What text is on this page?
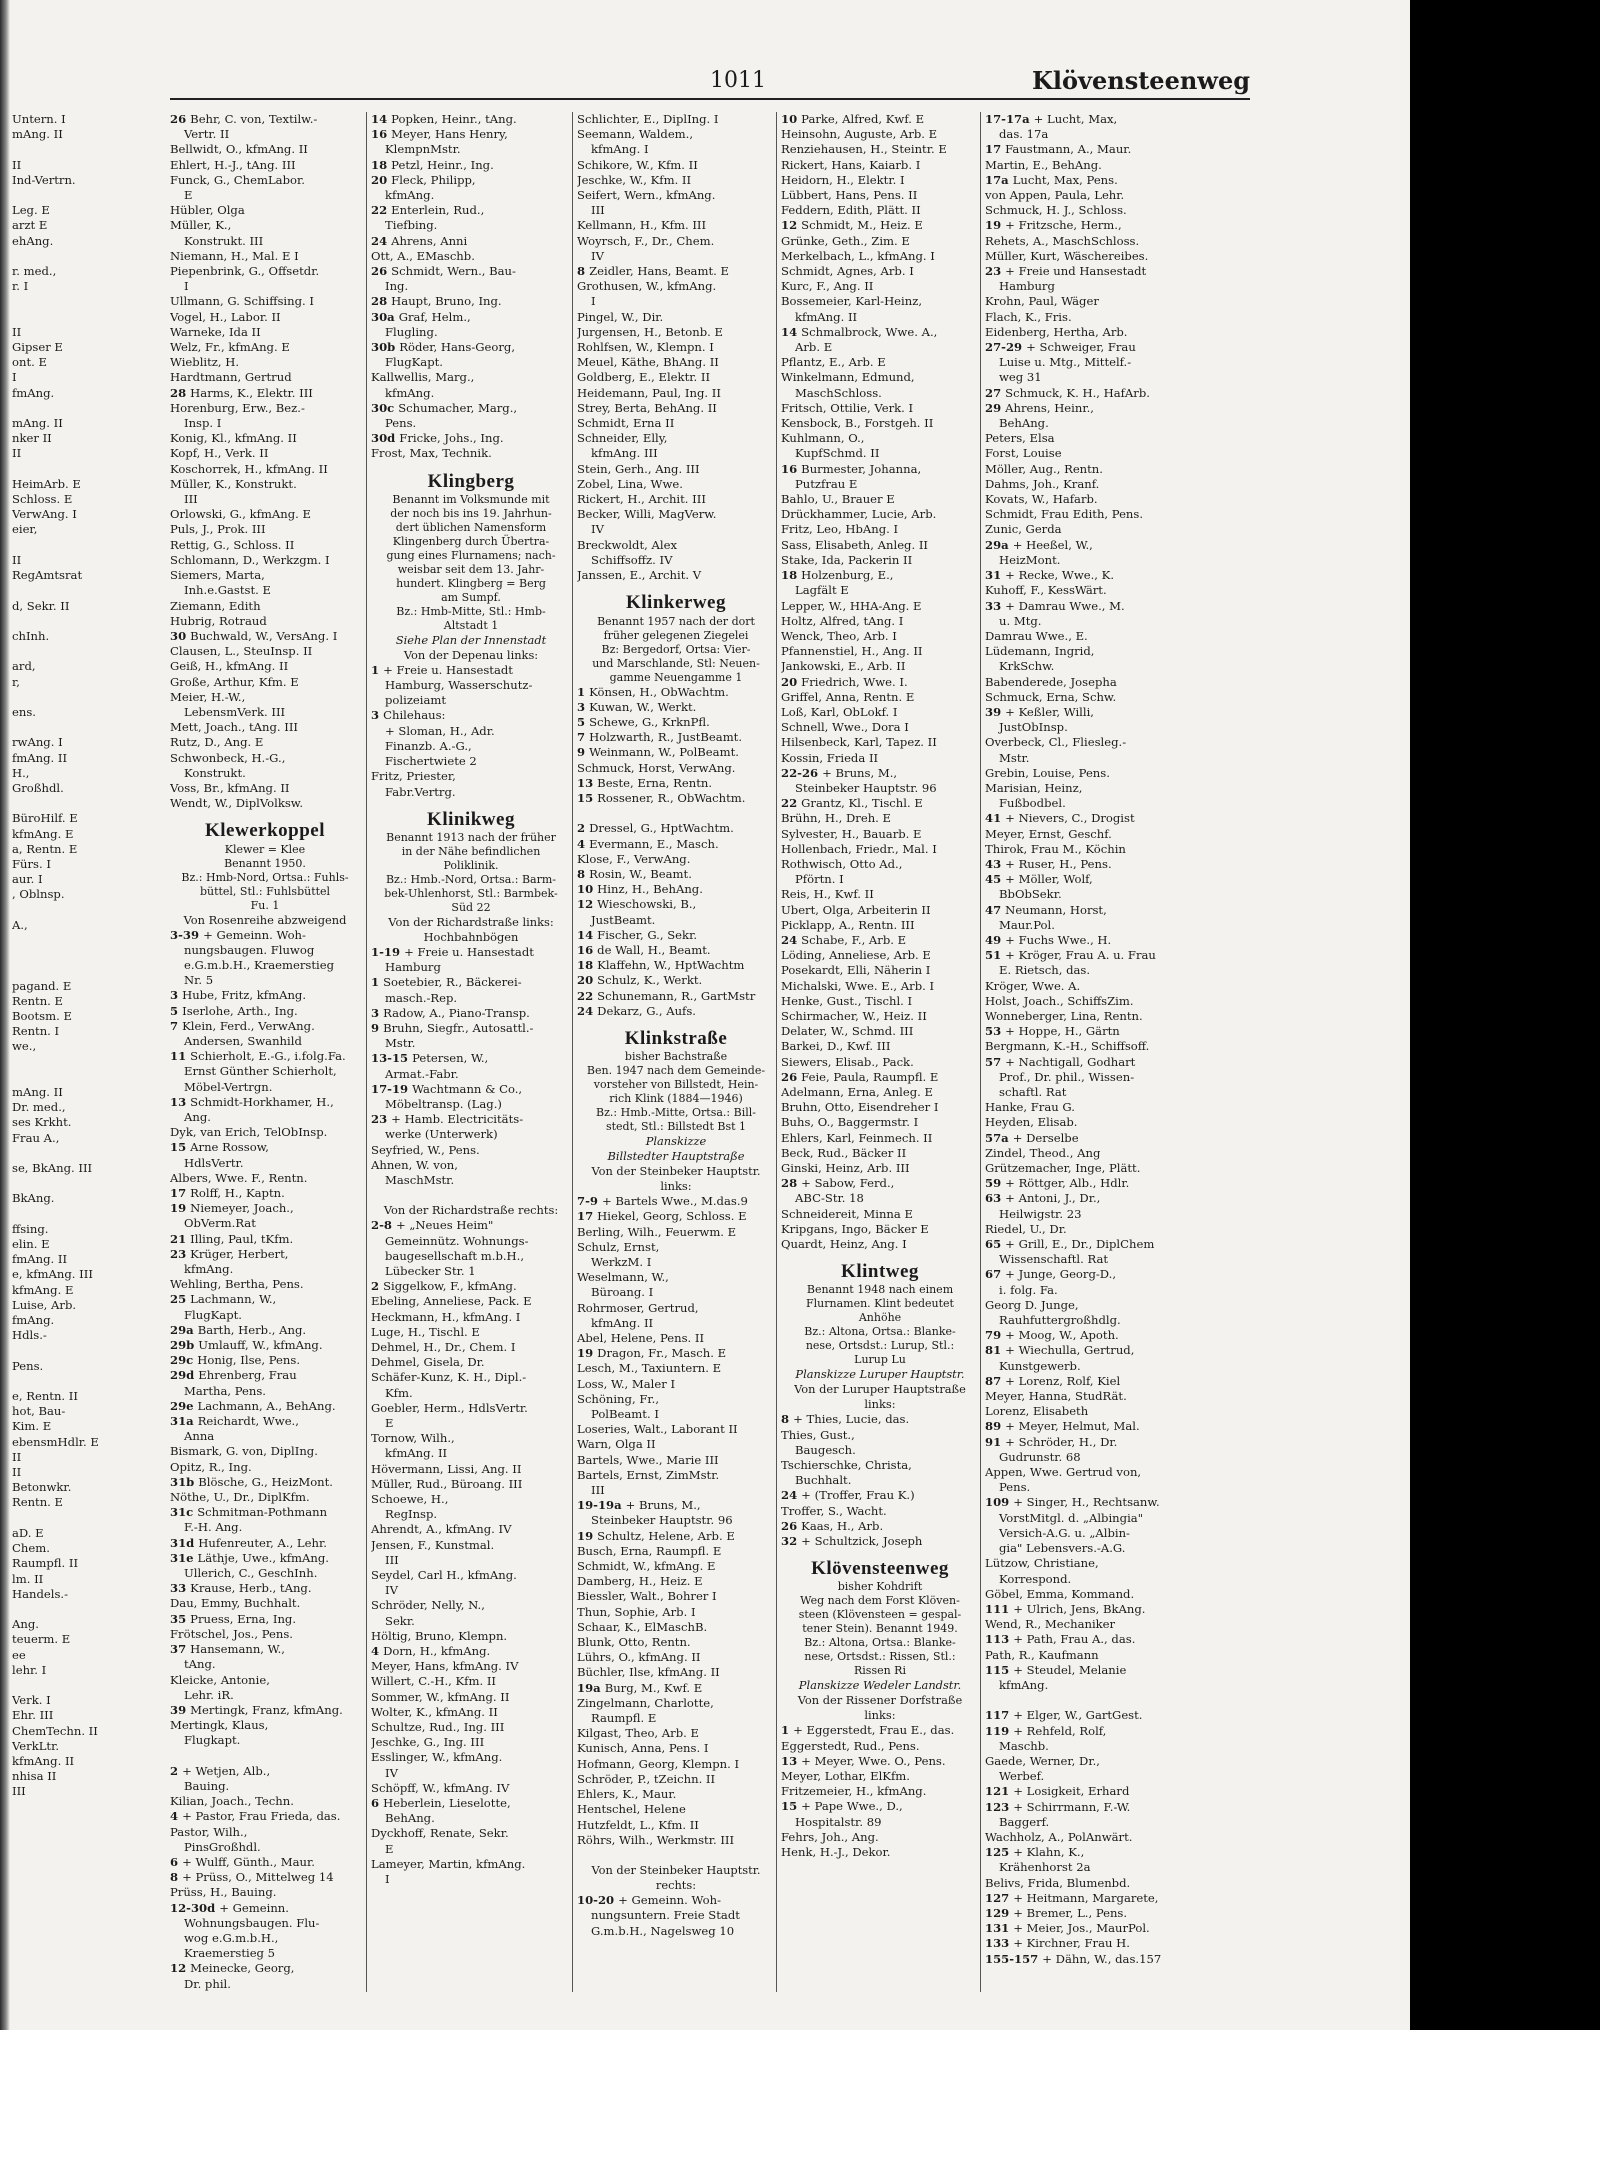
1011	Klövensteenweg
Untern. I
mAng. II

II
Ind-Vertrn.

Leg. E
arzt E
ehAng.

r. med.,
r. I

II
Gipser E
ont. E
I
fmAng.

mAng. II
nker II
II

HeimArb. E
Schloss. E
VerwAng. I
eier,

II
RegAmtsrat

d, Sekr. II

chInh.

ard,
r,

ens.

rwAng. I
fmAng. II
H.,
Großhdl.

BüroHilf. E
kfmAng. E
a, Rentn. E
Fürs. I
aur. I
, Oblnsp.

A.,

pagand. E
Rentn. E
Bootsm. E
Rentn. I
we.,

mAng. II
Dr. med.,
ses Krkht.
Frau A.,

se, BkAng. III

BkAng.

ffsing.
elin. E
fmAng. II
e, kfmAng. III
kfmAng. E
Luise, Arb.
fmAng.
Hdls.-

Pens.

e, Rentn. II
hot, Bau-
Kim. E
ebensmHdlr. E
II
II
Betonwkr.
Rentn. E

aD. E
Chem.
Raumpfl. II
lm. II
Handels.-

Ang.
teuerm. E
ee
lehr. I

Verk. I
Ehr. III
ChemTechn. II
VerkLtr.
kfmAng. II
nhisa II
III
26 Behr, C. von, Textilw.-
Vertr. II
Bellwidt, O., kfmAng. II
Ehlert, H.-J., tAng. III
Funck, G., ChemLabor.
E
Hübler, Olga
Müller, K.,
Konstrukt. III
Niemann, H., Mal. E I
Piepenbrink, G., Offsetdr.
I
Ullmann, G. Schiffsing. I
Vogel, H., Labor. II
Warneke, Ida II
Welz, Fr., kfmAng. E
Wieblitz, H.
Hardtmann, Gertrud
28 Harms, K., Elektr. III
Horenburg, Erw., Bez.-
Insp. I
Konig, Kl., kfmAng. II
Kopf, H., Verk. II
Koschorrek, H., kfmAng. II
Müller, K., Konstrukt.
III
Orlowski, G., kfmAng. E
Puls, J., Prok. III
Rettig, G., Schloss. II
Schlomann, D., Werkzgm. I
Siemers, Marta,
Inh.e.Gastst. E
Ziemann, Edith
Hubrig, Rotraud
30 Buchwald, W., VersAng. I
Clausen, L., SteuInsp. II
Geiß, H., kfmAng. II
Große, Arthur, Kfm. E
Meier, H.-W.,
LebensmVerk. III
Mett, Joach., tAng. III
Rutz, D., Ang. E
Schwonbeck, H.-G.,
Konstrukt.
Voss, Br., kfmAng. II
Wendt, W., DiplVolksw.
Klewerkoppel
Klewer = Klee
Benannt 1950.
Bz.: Hmb-Nord, Ortsa.: Fuhls-
büttel, Stl.: Fuhlsbüttel
Fu. 1
Von Rosenreihe abzweigend
3-39 + Gemeinn. Woh-
nungsbaugen. Fluwog
e.G.m.b.H., Kraemerstieg
Nr. 5
3 Hube, Fritz, kfmAng.
5 Iserlohe, Arth., Ing.
7 Klein, Ferd., VerwAng.
Andersen, Swanhild
11 Schierholt, E.-G., i.folg.Fa.
Ernst Günther Schierholt,
Möbel-Vertrgn.
13 Schmidt-Horkhamer, H.,
Ang.
Dyk, van Erich, TelObInsp.
15 Arne Rossow,
HdlsVertr.
Albers, Wwe. F., Rentn.
17 Rolff, H., Kaptn.
19 Niemeyer, Joach.,
ObVerm.Rat
21 Illing, Paul, tKfm.
23 Krüger, Herbert,
kfmAng.
Wehling, Bertha, Pens.
25 Lachmann, W.,
FlugKapt.
29a Barth, Herb., Ang.
29b Umlauff, W., kfmAng.
29c Honig, Ilse, Pens.
29d Ehrenberg, Frau
Martha, Pens.
29e Lachmann, A., BehAng.
31a Reichardt, Wwe.,
Anna
Bismark, G. von, DiplIng.
Opitz, R., Ing.
31b Blösche, G., HeizMont.
Nöthe, U., Dr., DiplKfm.
31c Schmitman-Pothmann
F.-H. Ang.
31d Hufenreuter, A., Lehr.
31e Läthje, Uwe., kfmAng.
Ullerich, C., GeschInh.
33 Krause, Herb., tAng.
Dau, Emmy, Buchhalt.
35 Pruess, Erna, Ing.
Frötschel, Jos., Pens.
37 Hansemann, W.,
tAng.
Kleicke, Antonie,
Lehr. iR.
39 Mertingk, Franz, kfmAng.
Mertingk, Klaus,
Flugkapt.

2 + Wetjen, Alb.,
Bauing.
Kilian, Joach., Techn.
4 + Pastor, Frau Frieda, das.
Pastor, Wilh.,
PinsGroßhdl.
6 + Wulff, Günth., Maur.
8 + Prüss, O., Mittelweg 14
Prüss, H., Bauing.
12-30d + Gemeinn.
Wohnungsbaugen. Flu-
wog e.G.m.b.H.,
Kraemerstieg 5
12 Meinecke, Georg,
Dr. phil.
14 Popken, Heinr., tAng.
16 Meyer, Hans Henry,
KlempnMstr.
18 Petzl, Heinr., Ing.
20 Fleck, Philipp,
kfmAng.
22 Enterlein, Rud.,
Tiefbing.
24 Ahrens, Anni
Ott, A., EMaschb.
26 Schmidt, Wern., Bau-
Ing.
28 Haupt, Bruno, Ing.
30a Graf, Helm.,
Flugling.
30b Röder, Hans-Georg,
FlugKapt.
Kallwellis, Marg.,
kfmAng.
30c Schumacher, Marg.,
Pens.
30d Fricke, Johs., Ing.
Frost, Max, Technik.
Klingberg
Benannt im Volksmunde mit
der noch bis ins 19. Jahrhun-
dert üblichen Namensform
Klingenberg durch Übertra-
gung eines Flurnamens; nach-
weisbar seit dem 13. Jahr-
hundert. Klingberg = Berg
am Sumpf.
Bz.: Hmb-Mitte, Stl.: Hmb-
Altstadt 1
Siehe Plan der Innenstadt
Von der Depenau links:
1 + Freie u. Hansestadt
Hamburg, Wasserschutz-
polizeiamt
3 Chilehaus:
+ Sloman, H., Adr.
Finanzb. A.-G.,
Fischertwiete 2
Fritz, Priester,
Fabr.Vertrg.
Klinikweg
Benannt 1913 nach der früher
in der Nähe befindlichen
Poliklinik.
Bz.: Hmb.-Nord, Ortsa.: Barm-
bek-Uhlenhorst, Stl.: Barmbek-
Süd 22
Von der Richardstraße links:
Hochbahnbögen
1-19 + Freie u. Hansestadt
Hamburg
1 Soetebier, R., Bäckerei-
masch.-Rep.
3 Radow, A., Piano-Transp.
9 Bruhn, Siegfr., Autosattl.-
Mstr.
13-15 Petersen, W.,
Armat.-Fabr.
17-19 Wachtmann & Co.,
Möbeltransp. (Lag.)
23 + Hamb. Electricitäts-
werke (Unterwerk)
Seyfried, W., Pens.
Ahnen, W. von,
MaschMstr.

Von der Richardstraße rechts:
2-8 + „Neues Heim"
Gemeinnütz. Wohnungs-
baugesellschaft m.b.H.,
Lübecker Str. 1
2 Siggelkow, F., kfmAng.
Ebeling, Anneliese, Pack. E
Heckmann, H., kfmAng. I
Luge, H., Tischl. E
Dehmel, H., Dr., Chem. I
Dehmel, Gisela, Dr.
Schäfer-Kunz, K. H., Dipl.-
Kfm.
Goebler, Herm., HdlsVertr.
E
Tornow, Wilh.,
kfmAng. II
Hövermann, Lissi, Ang. II
Müller, Rud., Büroang. III
Schoewe, H.,
RegInsp.
Ahrendt, A., kfmAng. IV
Jensen, F., Kunstmal.
III
Seydel, Carl H., kfmAng.
IV
Schröder, Nelly, N.,
Sekr.
Höltig, Bruno, Klempn.
4 Dorn, H., kfmAng.
Meyer, Hans, kfmAng. IV
Willert, C.-H., Kfm. II
Sommer, W., kfmAng. II
Wolter, K., kfmAng. II
Schultze, Rud., Ing. III
Jeschke, G., Ing. III
Esslinger, W., kfmAng.
IV
Schöpff, W., kfmAng. IV
6 Heberlein, Lieselotte,
BehAng.
Dyckhoff, Renate, Sekr.
E
Lameyer, Martin, kfmAng.
I
Schlichter, E., DiplIng. I
Seemann, Waldem.,
kfmAng. I
Schikore, W., Kfm. II
Jeschke, W., Kfm. II
Seifert, Wern., kfmAng.
III
Kellmann, H., Kfm. III
Woyrsch, F., Dr., Chem.
IV
8 Zeidler, Hans, Beamt. E
Grothusen, W., kfmAng.
I
Pingel, W., Dir.
Jurgensen, H., Betonb. E
Rohlfsen, W., Klempn. I
Meuel, Käthe, BhAng. II
Goldberg, E., Elektr. II
Heidemann, Paul, Ing. II
Strey, Berta, BehAng. II
Schmidt, Erna II
Schneider, Elly,
kfmAng. III
Stein, Gerh., Ang. III
Zobel, Lina, Wwe.
Rickert, H., Archit. III
Becker, Willi, MagVerw.
IV
Breckwoldt, Alex
Schiffsoffz. IV
Janssen, E., Archit. V
Klinkerweg
Benannt 1957 nach der dort
früher gelegenen Ziegelei
Bz: Bergedorf, Ortsa: Vier-
und Marschlande, Stl: Neuen-
gamme Neuengamme 1
1 Könsen, H., ObWachtm.
3 Kuwan, W., Werkt.
5 Schewe, G., KrknPfl.
7 Holzwarth, R., JustBeamt.
9 Weinmann, W., PolBeamt.
Schmuck, Horst, VerwAng.
13 Beste, Erna, Rentn.
15 Rossener, R., ObWachtm.

2 Dressel, G., HptWachtm.
4 Evermann, E., Masch.
Klose, F., VerwAng.
8 Rosin, W., Beamt.
10 Hinz, H., BehAng.
12 Wieschowski, B.,
JustBeamt.
14 Fischer, G., Sekr.
16 de Wall, H., Beamt.
18 Klaffehn, W., HptWachtm
20 Schulz, K., Werkt.
22 Schunemann, R., GartMstr
24 Dekarz, G., Aufs.
Klinkstraße
bisher Bachstraße
Ben. 1947 nach dem Gemeinde-
vorsteher von Billstedt, Hein-
rich Klink (1884—1946)
Bz.: Hmb.-Mitte, Ortsa.: Bill-
stedt, Stl.: Billstedt Bst 1
Planskizze
Billstedter Hauptstraße
Von der Steinbeker Hauptstr.
links:
7-9 + Bartels Wwe., M.das.9
17 Hiekel, Georg, Schloss. E
Berling, Wilh., Feuerwm. E
Schulz, Ernst,
WerkzM. I
Weselmann, W.,
Büroang. I
Rohrmoser, Gertrud,
kfmAng. II
Abel, Helene, Pens. II
19 Dragon, Fr., Masch. E
Lesch, M., Taxiuntern. E
Loss, W., Maler I
Schöning, Fr.,
PolBeamt. I
Loseries, Walt., Laborant II
Warn, Olga II
Bartels, Wwe., Marie III
Bartels, Ernst, ZimMstr.
III
19-19a + Bruns, M.,
Steinbeker Hauptstr. 96
19 Schultz, Helene, Arb. E
Busch, Erna, Raumpfl. E
Schmidt, W., kfmAng. E
Damberg, H., Heiz. E
Biessler, Walt., Bohrer I
Thun, Sophie, Arb. I
Schaar, K., ElMaschB.
Blunk, Otto, Rentn.
Lührs, O., kfmAng. II
Büchler, Ilse, kfmAng. II
19a Burg, M., Kwf. E
Zingelmann, Charlotte,
Raumpfl. E
Kilgast, Theo, Arb. E
Kunisch, Anna, Pens. I
Hofmann, Georg, Klempn. I
Schröder, P., tZeichn. II
Ehlers, K., Maur.
Hentschel, Helene
Hutzfeldt, L., Kfm. II
Röhrs, Wilh., Werkmstr. III

Von der Steinbeker Hauptstr.
rechts:
10-20 + Gemeinn. Woh-
nungsuntern. Freie Stadt
G.m.b.H., Nagelsweg 10
10 Parke, Alfred, Kwf. E
Heinsohn, Auguste, Arb. E
Renziehausen, H., Steintr. E
Rickert, Hans, Kaiarb. I
Heidorn, H., Elektr. I
Lübbert, Hans, Pens. II
Feddern, Edith, Plätt. II
12 Schmidt, M., Heiz. E
Grünke, Geth., Zim. E
Merkelbach, L., kfmAng. I
Schmidt, Agnes, Arb. I
Kurc, F., Ang. II
Bossemeier, Karl-Heinz,
kfmAng. II
14 Schmalbrock, Wwe. A.,
Arb. E
Pflantz, E., Arb. E
Winkelmann, Edmund,
MaschSchloss.
Fritsch, Ottilie, Verk. I
Kensbock, B., Forstgeh. II
Kuhlmann, O.,
KupfSchmd. II
16 Burmester, Johanna,
Putzfrau E
Bahlo, U., Brauer E
Drückhammer, Lucie, Arb.
Fritz, Leo, HbAng. I
Sass, Elisabeth, Anleg. II
Stake, Ida, Packerin II
18 Holzenburg, E.,
Lagfält E
Lepper, W., HHA-Ang. E
Holtz, Alfred, tAng. I
Wenck, Theo, Arb. I
Pfannenstiel, H., Ang. II
Jankowski, E., Arb. II
20 Friedrich, Wwe. I.
Griffel, Anna, Rentn. E
Loß, Karl, ObLokf. I
Schnell, Wwe., Dora I
Hilsenbeck, Karl, Tapez. II
Kossin, Frieda II
22-26 + Bruns, M.,
Steinbeker Hauptstr. 96
22 Grantz, Kl., Tischl. E
Brühn, H., Dreh. E
Sylvester, H., Bauarb. E
Hollenbach, Friedr., Mal. I
Rothwisch, Otto Ad.,
Pförtn. I
Reis, H., Kwf. II
Ubert, Olga, Arbeiterin II
Picklapp, A., Rentn. III
24 Schabe, F., Arb. E
Löding, Anneliese, Arb. E
Posekardt, Elli, Näherin I
Michalski, Wwe. E., Arb. I
Henke, Gust., Tischl. I
Schirmacher, W., Heiz. II
Delater, W., Schmd. III
Barkei, D., Kwf. III
Siewers, Elisab., Pack.
26 Feie, Paula, Raumpfl. E
Adelmann, Erna, Anleg. E
Bruhn, Otto, Eisendreher I
Buhs, O., Baggermstr. I
Ehlers, Karl, Feinmech. II
Beck, Rud., Bäcker II
Ginski, Heinz, Arb. III
28 + Sabow, Ferd.,
ABC-Str. 18
Schneidereit, Minna E
Kripgans, Ingo, Bäcker E
Quardt, Heinz, Ang. I
Klintweg
Benannt 1948 nach einem
Flurnamen. Klint bedeutet
Anhöhe
Bz.: Altona, Ortsa.: Blanke-
nese, Ortsdst.: Lurup, Stl.:
Lurup Lu
Planskizze Luruper Hauptstr.
Von der Luruper Hauptstraße
links:
8 + Thies, Lucie, das.
Thies, Gust.,
Baugesch.
Tschierschke, Christa,
Buchhalt.
24 + (Troffer, Frau K.)
Troffer, S., Wacht.
26 Kaas, H., Arb.
32 + Schultzick, Joseph
Klövensteenweg
bisher Kohdrift
Weg nach dem Forst Klöven-
steen (Klövensteen = gespal-
tener Stein). Benannt 1949.
Bz.: Altona, Ortsa.: Blanke-
nese, Ortsdst.: Rissen, Stl.:
Rissen Ri
Planskizze Wedeler Landstr.
Von der Rissener Dorfstraße
links:
1 + Eggerstedt, Frau E., das.
Eggerstedt, Rud., Pens.
13 + Meyer, Wwe. O., Pens.
Meyer, Lothar, ElKfm.
Fritzemeier, H., kfmAng.
15 + Pape Wwe., D.,
Hospitalstr. 89
Fehrs, Joh., Ang.
Henk, H.-J., Dekor.
17-17a + Lucht, Max,
das. 17a
17 Faustmann, A., Maur.
Martin, E., BehAng.
17a Lucht, Max, Pens.
von Appen, Paula, Lehr.
Schmuck, H. J., Schloss.
19 + Fritzsche, Herm.,
Rehets, A., MaschSchloss.
Müller, Kurt, Wäschereibes.
23 + Freie und Hansestadt
Hamburg
Krohn, Paul, Wäger
Flach, K., Fris.
Eidenberg, Hertha, Arb.
27-29 + Schweiger, Frau
Luise u. Mtg., Mittelf.-
weg 31
27 Schmuck, K. H., HafArb.
29 Ahrens, Heinr.,
BehAng.
Peters, Elsa
Forst, Louise
Möller, Aug., Rentn.
Dahms, Joh., Kranf.
Kovats, W., Hafarb.
Schmidt, Frau Edith, Pens.
Zunic, Gerda
29a + Heeßel, W.,
HeizMont.
31 + Recke, Wwe., K.
Kuhoff, F., KessWärt.
33 + Damrau Wwe., M.
u. Mtg.
Damrau Wwe., E.
Lüdemann, Ingrid,
KrkSchw.
Babenderede, Josepha
Schmuck, Erna, Schw.
39 + Keßler, Willi,
JustObInsp.
Overbeck, Cl., Fliesleg.-
Mstr.
Grebin, Louise, Pens.
Marisian, Heinz,
Fußbodbel.
41 + Nievers, C., Drogist
Meyer, Ernst, Geschf.
Thirok, Frau M., Köchin
43 + Ruser, H., Pens.
45 + Möller, Wolf,
BbObSekr.
47 Neumann, Horst,
Maur.Pol.
49 + Fuchs Wwe., H.
51 + Kröger, Frau A. u. Frau
E. Rietsch, das.
Kröger, Wwe. A.
Holst, Joach., SchiffsZim.
Wonneberger, Lina, Rentn.
53 + Hoppe, H., Gärtn
Bergmann, K.-H., Schiffsoff.
57 + Nachtigall, Godhart
Prof., Dr. phil., Wissen-
schaftl. Rat
Hanke, Frau G.
Heyden, Elisab.
57a + Derselbe
Zindel, Theod., Ang
Grützemacher, Inge, Plätt.
59 + Röttger, Alb., Hdlr.
63 + Antoni, J., Dr.,
Heilwigstr. 23
Riedel, U., Dr.
65 + Grill, E., Dr., DiplChem
Wissenschaftl. Rat
67 + Junge, Georg-D.,
i. folg. Fa.
Georg D. Junge,
Rauhfuttergroßhdlg.
79 + Moog, W., Apoth.
81 + Wiechulla, Gertrud,
Kunstgewerb.
87 + Lorenz, Rolf, Kiel
Meyer, Hanna, StudRät.
Lorenz, Elisabeth
89 + Meyer, Helmut, Mal.
91 + Schröder, H., Dr.
Gudrunstr. 68
Appen, Wwe. Gertrud von,
Pens.
109 + Singer, H., Rechtsanw.
VorstMitgl. d. „Albingia"
Versich-A.G. u. „Albin-
gia" Lebensvers.-A.G.
Lützow, Christiane,
Korrespond.
Göbel, Emma, Kommand.
111 + Ulrich, Jens, BkAng.
Wend, R., Mechaniker
113 + Path, Frau A., das.
Path, R., Kaufmann
115 + Steudel, Melanie
kfmAng.

117 + Elger, W., GartGest.
119 + Rehfeld, Rolf,
Maschb.
Gaede, Werner, Dr.,
Werbef.
121 + Losigkeit, Erhard
123 + Schirrmann, F.-W.
Baggerf.
Wachholz, A., PolAnwärt.
125 + Klahn, K.,
Krähenhorst 2a
Belivs, Frida, Blumenbd.
127 + Heitmann, Margarete,
129 + Bremer, L., Pens.
131 + Meier, Jos., MaurPol.
133 + Kirchner, Frau H.
155-157 + Dähn, W., das.157
